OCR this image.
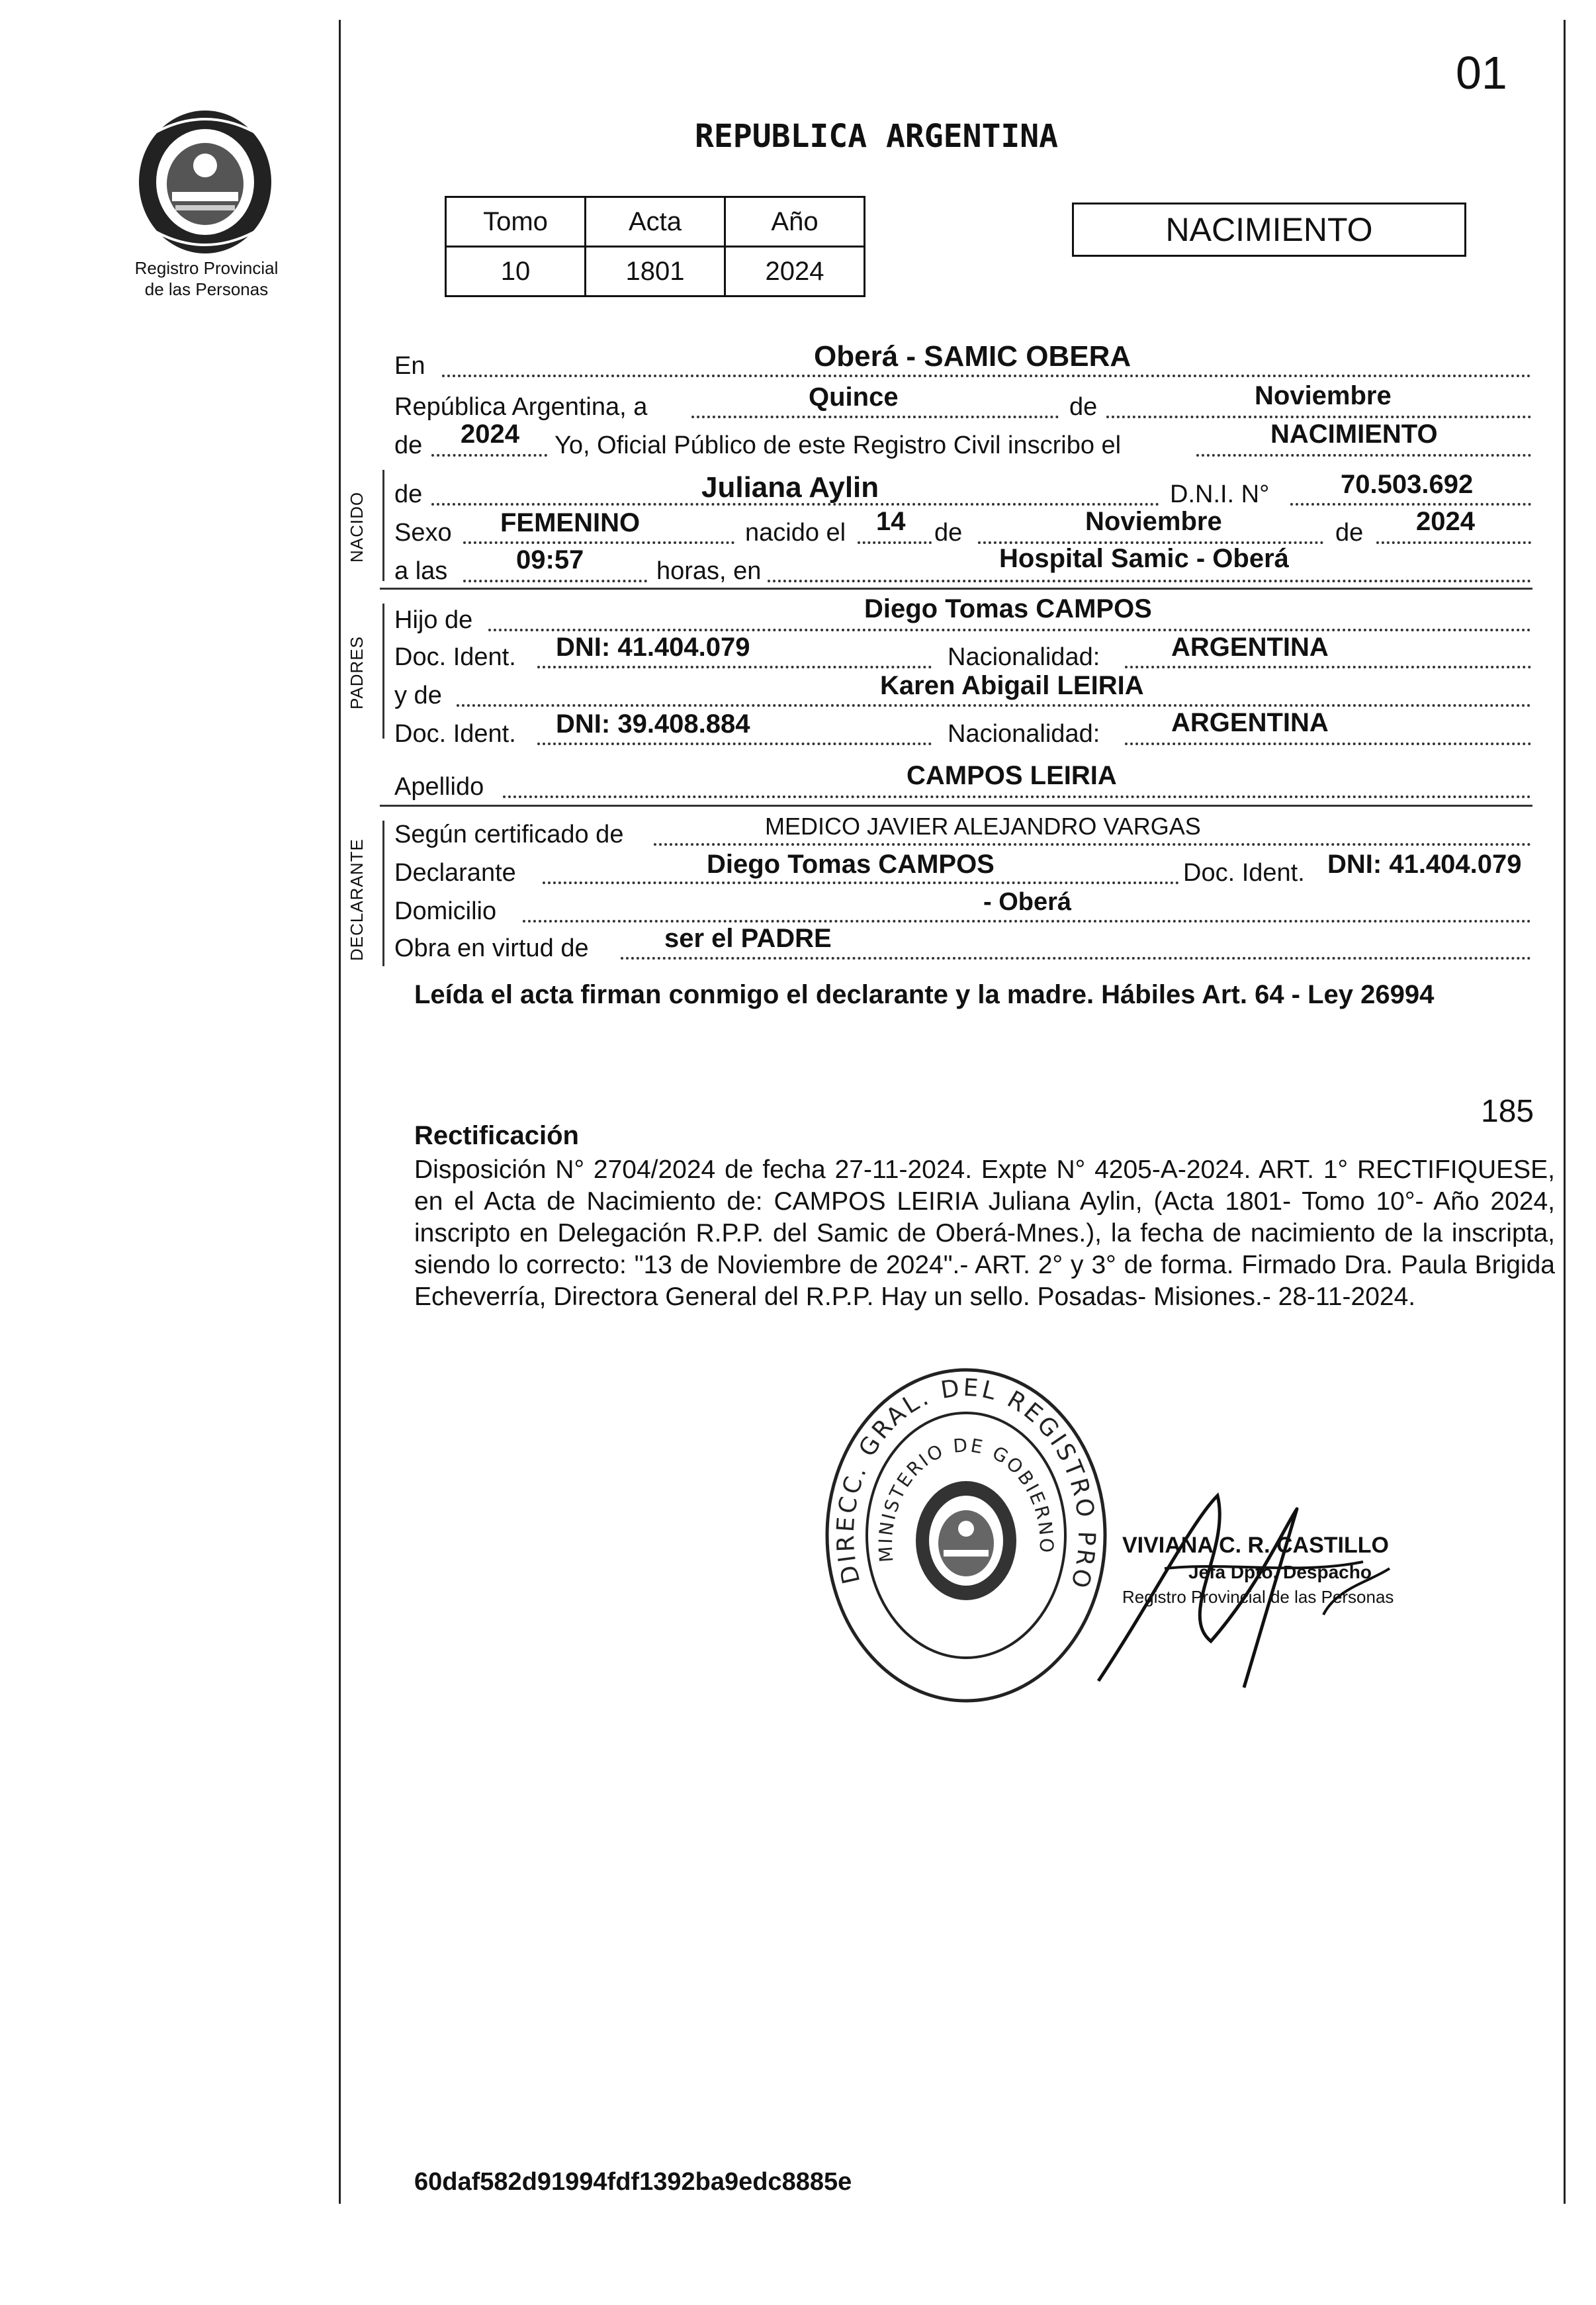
01
Registro Provincial
de las Personas
REPUBLICA ARGENTINA
Tomo	Acta	Año
10	1801	2024
NACIMIENTO
En	Oberá - SAMIC OBERA
República Argentina, a	Quince	de	Noviembre
de 2024 Yo, Oficial Público de este Registro Civil inscribo el	NACIMIENTO
NACIDO de	Juliana Aylin	D.N.I. N°	70.503.692
Sexo FEMENINO	nacido el 14 de	Noviembre	de 2024
a las	09:57	horas, en	Hospital Samic - Oberá
PADRES
Hijo de	Diego Tomas CAMPOS
Doc. Ident. DNI: 41.404.079	Nacionalidad:	ARGENTINA
y de	Karen Abigail LEIRIA
Doc. Ident. DNI: 39.408.884	Nacionalidad:	ARGENTINA
Apellido	CAMPOS LEIRIA
DECLARANTE
Según certificado de	MEDICO JAVIER ALEJANDRO VARGAS
Declarante	Diego Tomas CAMPOS	Doc. Ident. DNI: 41.404.079
Domicilio	- Oberá
Obra en virtud de	ser el PADRE
Leída el acta firman conmigo el declarante y la madre. Hábiles Art. 64 - Ley 26994
185
Rectificación
Disposición N° 2704/2024 de fecha 27-11-2024. Expte N° 4205-A-2024. ART. 1° RECTIFIQUESE, en el Acta de Nacimiento de: CAMPOS LEIRIA Juliana Aylin, (Acta 1801- Tomo 10°- Año 2024, inscripto en Delegación R.P.P. del Samic de Oberá-Mnes.), la fecha de nacimiento de la inscripta, siendo lo correcto: "13 de Noviembre de 2024".- ART. 2° y 3° de forma. Firmado Dra. Paula Brigida Echeverría, Directora General del R.P.P. Hay un sello. Posadas- Misiones.- 28-11-2024.
DIRECC. GRAL. DEL REGISTRO PRO
MINISTERIO DE GOBIERNO	VIVIANA C. R. CASTILLO
Jefa Dpto. Despacho
Registro Provincial de las Personas
60daf582d91994fdf1392ba9edc8885e
